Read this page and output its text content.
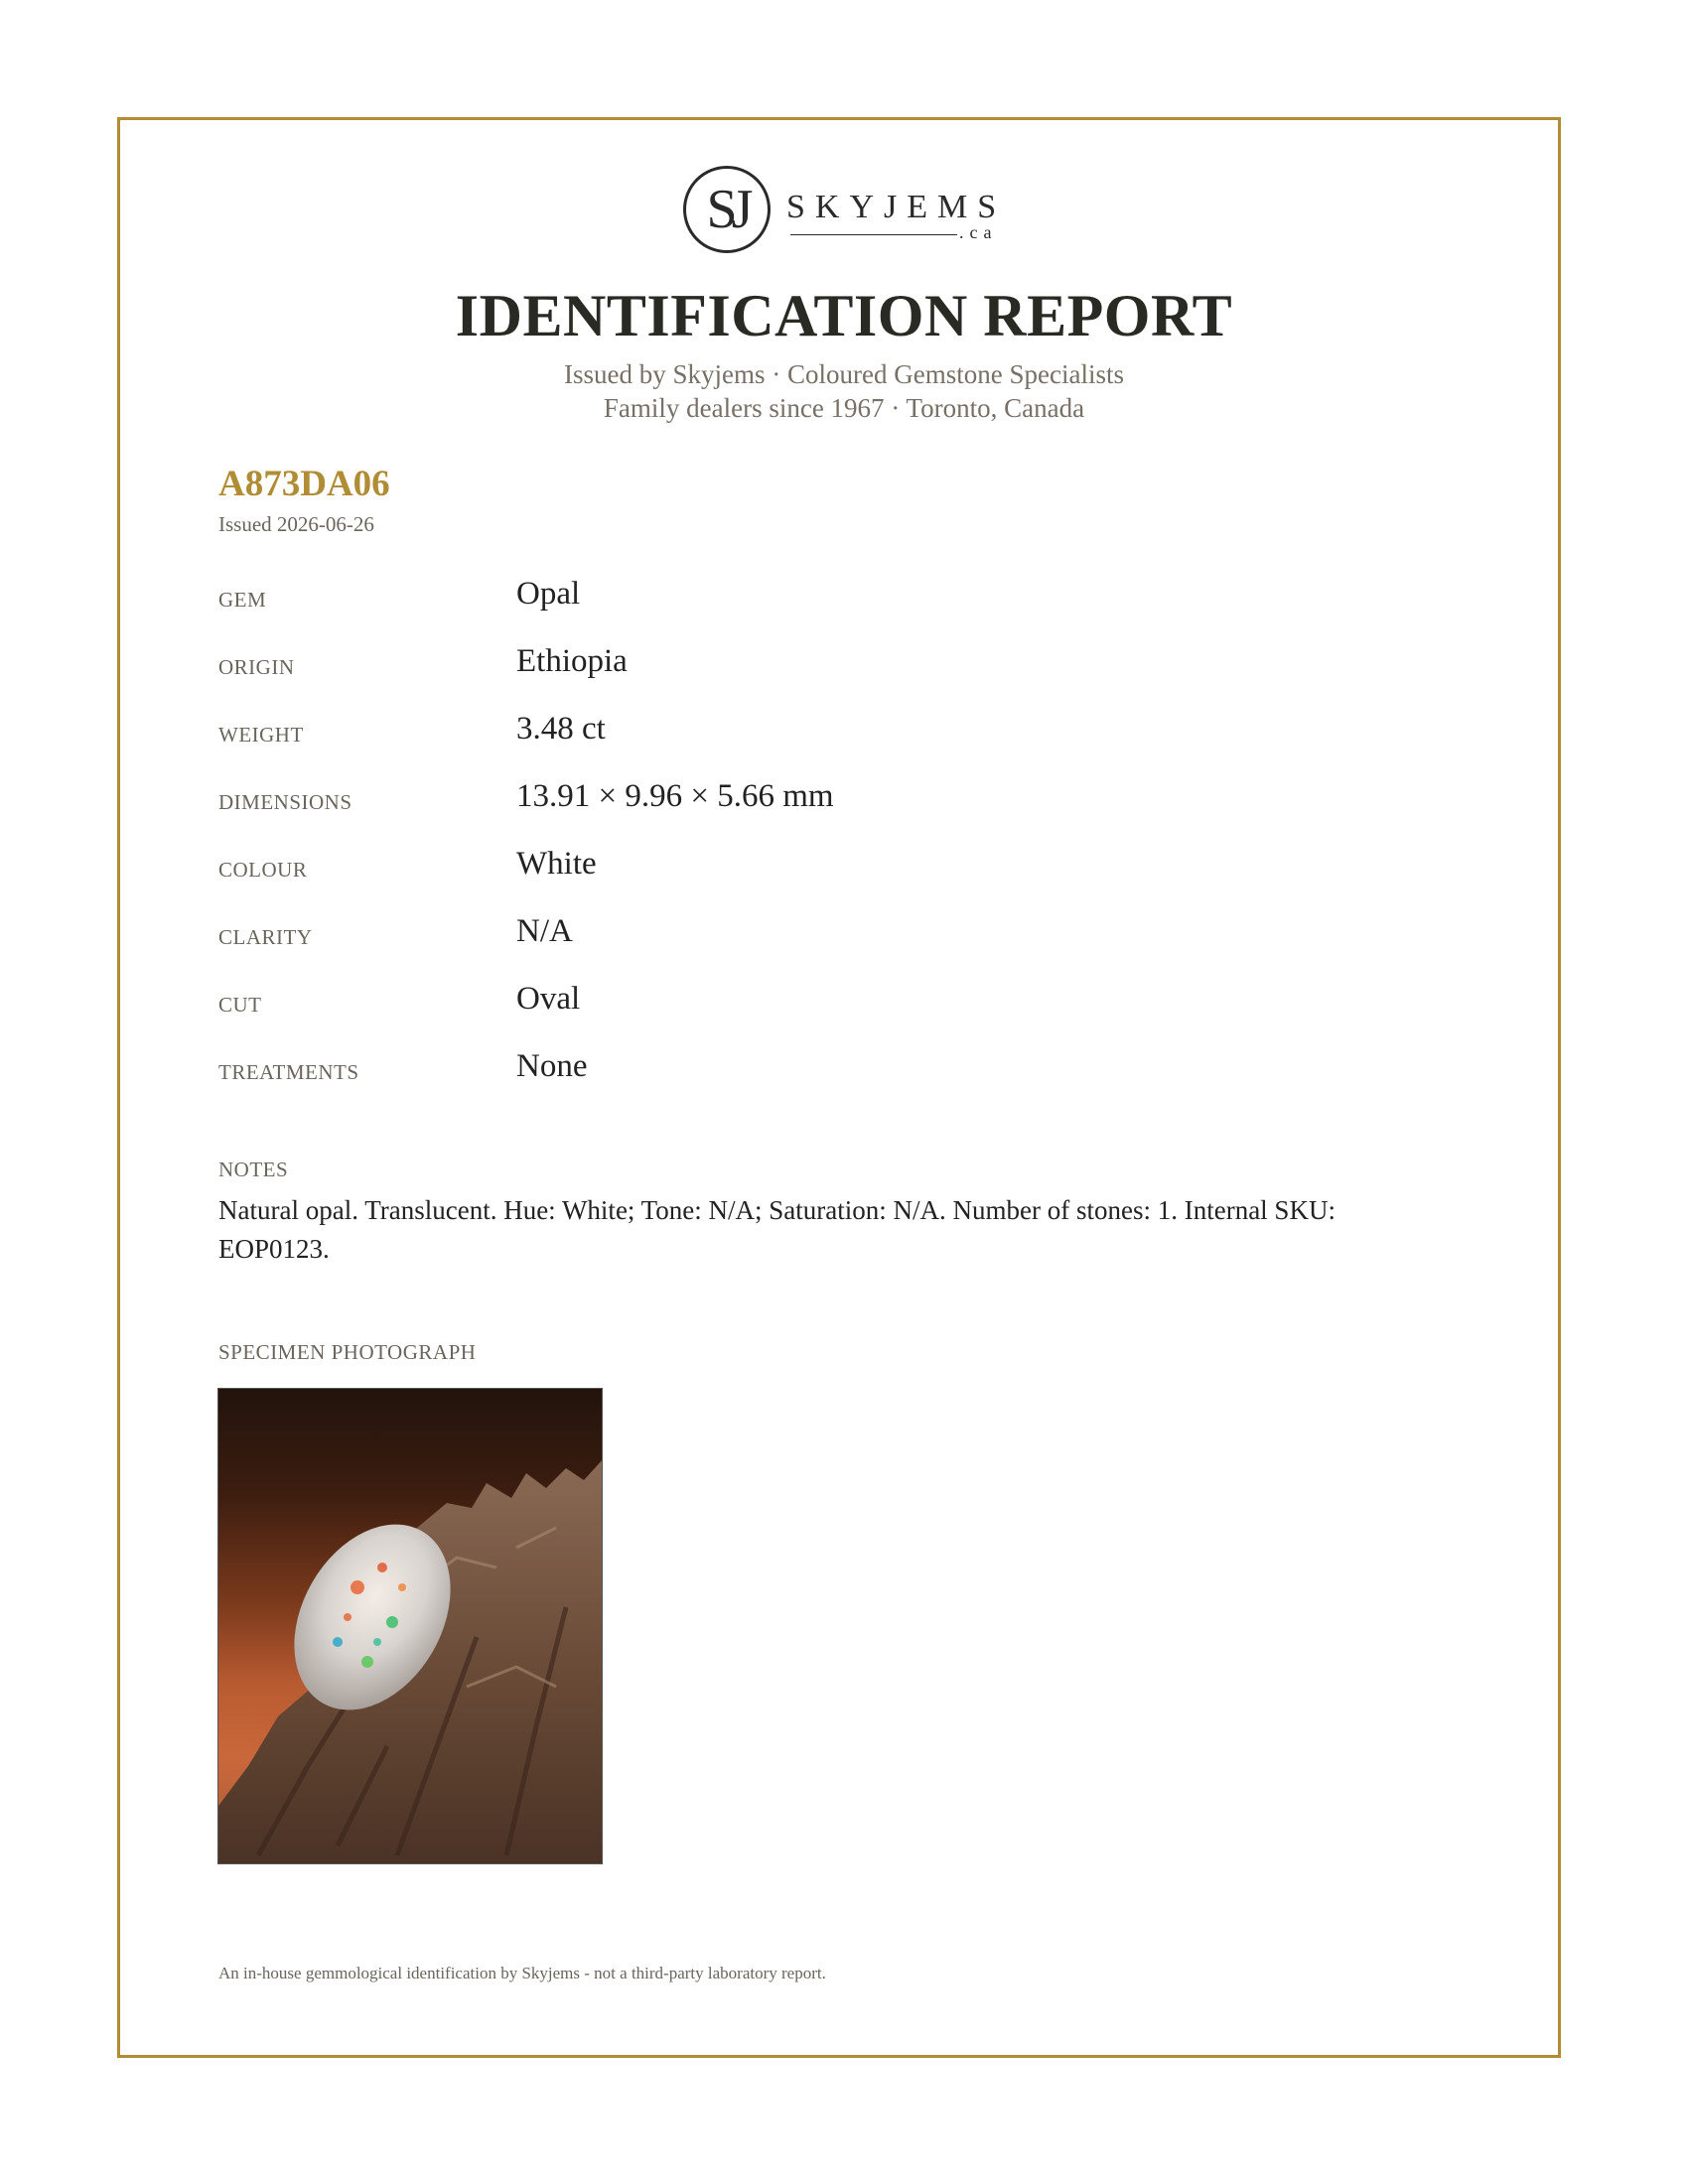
SJ	SKYJEMS
.ca
IDENTIFICATION REPORT
Issued by Skyjems · Coloured Gemstone Specialists
Family dealers since 1967 · Toronto, Canada
A873DA06
Issued 2026-06-26
GEM	Opal
ORIGIN	Ethiopia
WEIGHT	3.48 ct
DIMENSIONS	13.91 × 9.96 × 5.66 mm
COLOUR	White
CLARITY	N/A
CUT	Oval
TREATMENTS	None
NOTES
Natural opal. Translucent. Hue: White; Tone: N/A; Saturation: N/A. Number of stones: 1. Internal SKU: EOP0123.
SPECIMEN PHOTOGRAPH
An in-house gemmological identification by Skyjems - not a third-party laboratory report.
